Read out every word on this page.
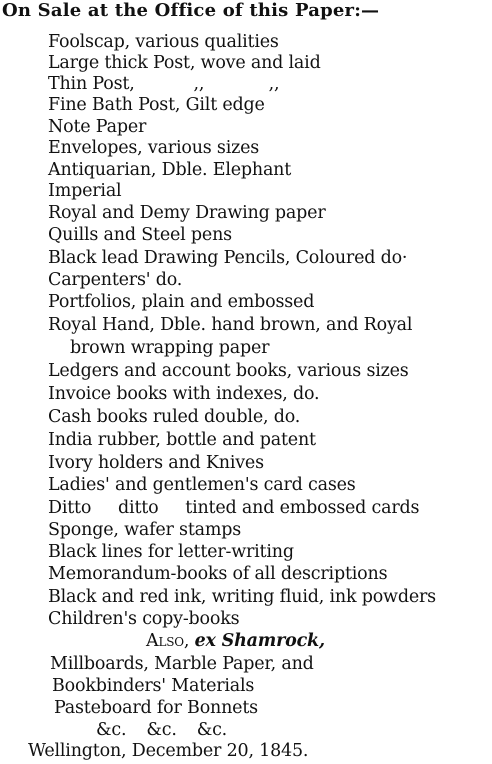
On Sale at the Office of this Paper:—
Foolscap, various qualities
Large thick Post, wove and laid
Thin Post,           ,,            ,,
Fine Bath Post, Gilt edge
Note Paper
Envelopes, various sizes
Antiquarian, Dble. Elephant
Imperial
Royal and Demy Drawing paper
Quills and Steel pens
Black lead Drawing Pencils, Coloured do·
Carpenters' do.
Portfolios, plain and embossed
Royal Hand, Dble. hand brown, and Royal
brown wrapping paper
Ledgers and account books, various sizes
Invoice books with indexes, do.
Cash books ruled double, do.
India rubber, bottle and patent
Ivory holders and Knives
Ladies' and gentlemen's card cases
Ditto     ditto     tinted and embossed cards
Sponge, wafer stamps
Black lines for letter-writing
Memorandum-books of all descriptions
Black and red ink, writing fluid, ink powders
Children's copy-books
Also, ex Shamrock,
Millboards, Marble Paper, and
Bookbinders' Materials
Pasteboard for Bonnets
&c. &c. &c.
Wellington, December 20, 1845.
